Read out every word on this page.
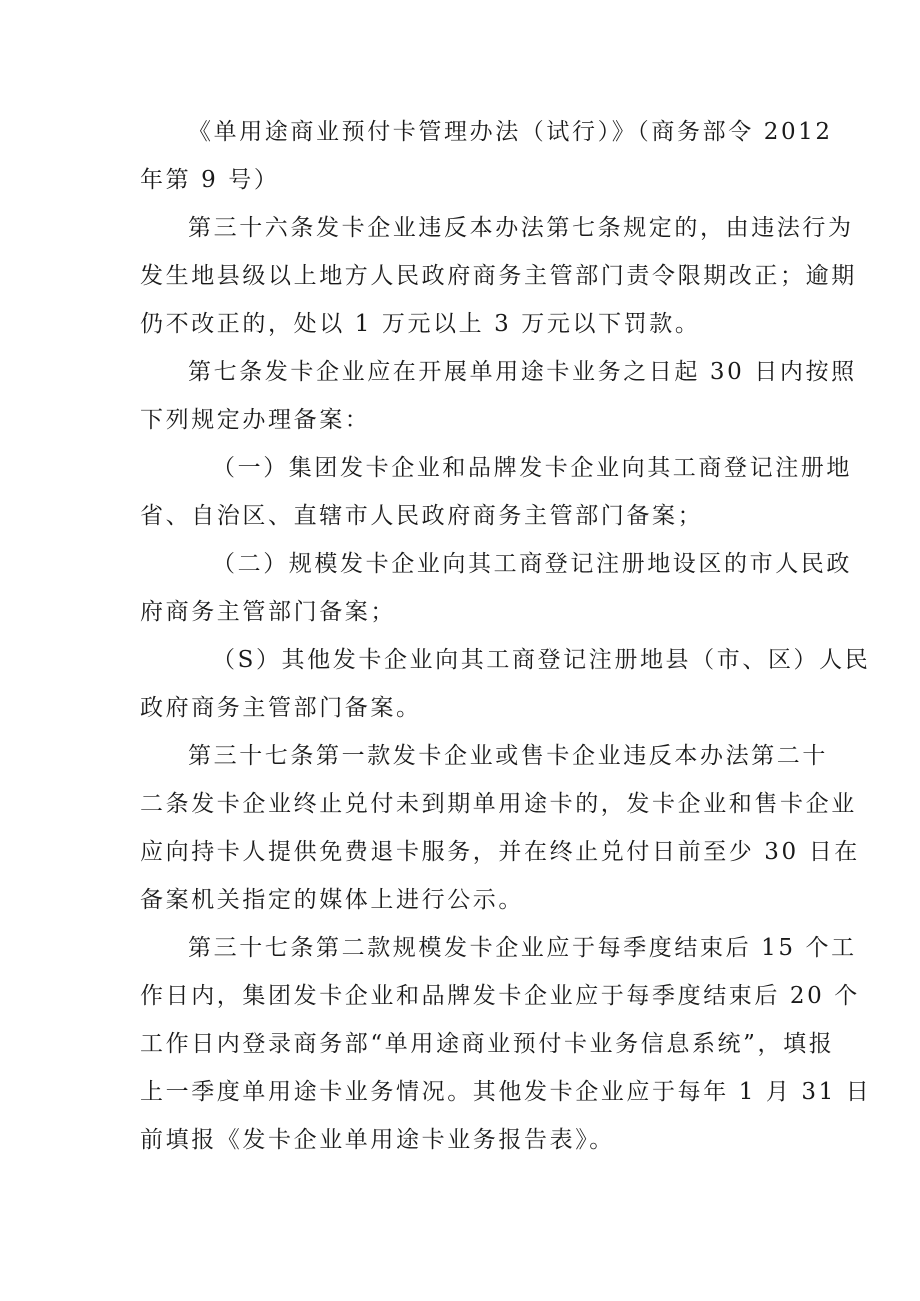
《单用途商业预付卡管理办法（试行）》（商务部令 2012
年第 9 号）
第三十六条发卡企业违反本办法第七条规定的，由违法行为
发生地县级以上地方人民政府商务主管部门责令限期改正；逾期
仍不改正的，处以 1 万元以上 3 万元以下罚款。
第七条发卡企业应在开展单用途卡业务之日起 30 日内按照
下列规定办理备案：
（一）集团发卡企业和品牌发卡企业向其工商登记注册地
省、自治区、直辖市人民政府商务主管部门备案；
（二）规模发卡企业向其工商登记注册地设区的市人民政
府商务主管部门备案；
（S）其他发卡企业向其工商登记注册地县（市、区）人民
政府商务主管部门备案。
第三十七条第一款发卡企业或售卡企业违反本办法第二十
二条发卡企业终止兑付未到期单用途卡的，发卡企业和售卡企业
应向持卡人提供免费退卡服务，并在终止兑付日前至少 30 日在
备案机关指定的媒体上进行公示。
第三十七条第二款规模发卡企业应于每季度结束后 15 个工
作日内，集团发卡企业和品牌发卡企业应于每季度结束后 20 个
工作日内登录商务部“单用途商业预付卡业务信息系统”，填报
上一季度单用途卡业务情况。其他发卡企业应于每年 1 月 31 日
前填报《发卡企业单用途卡业务报告表》。
